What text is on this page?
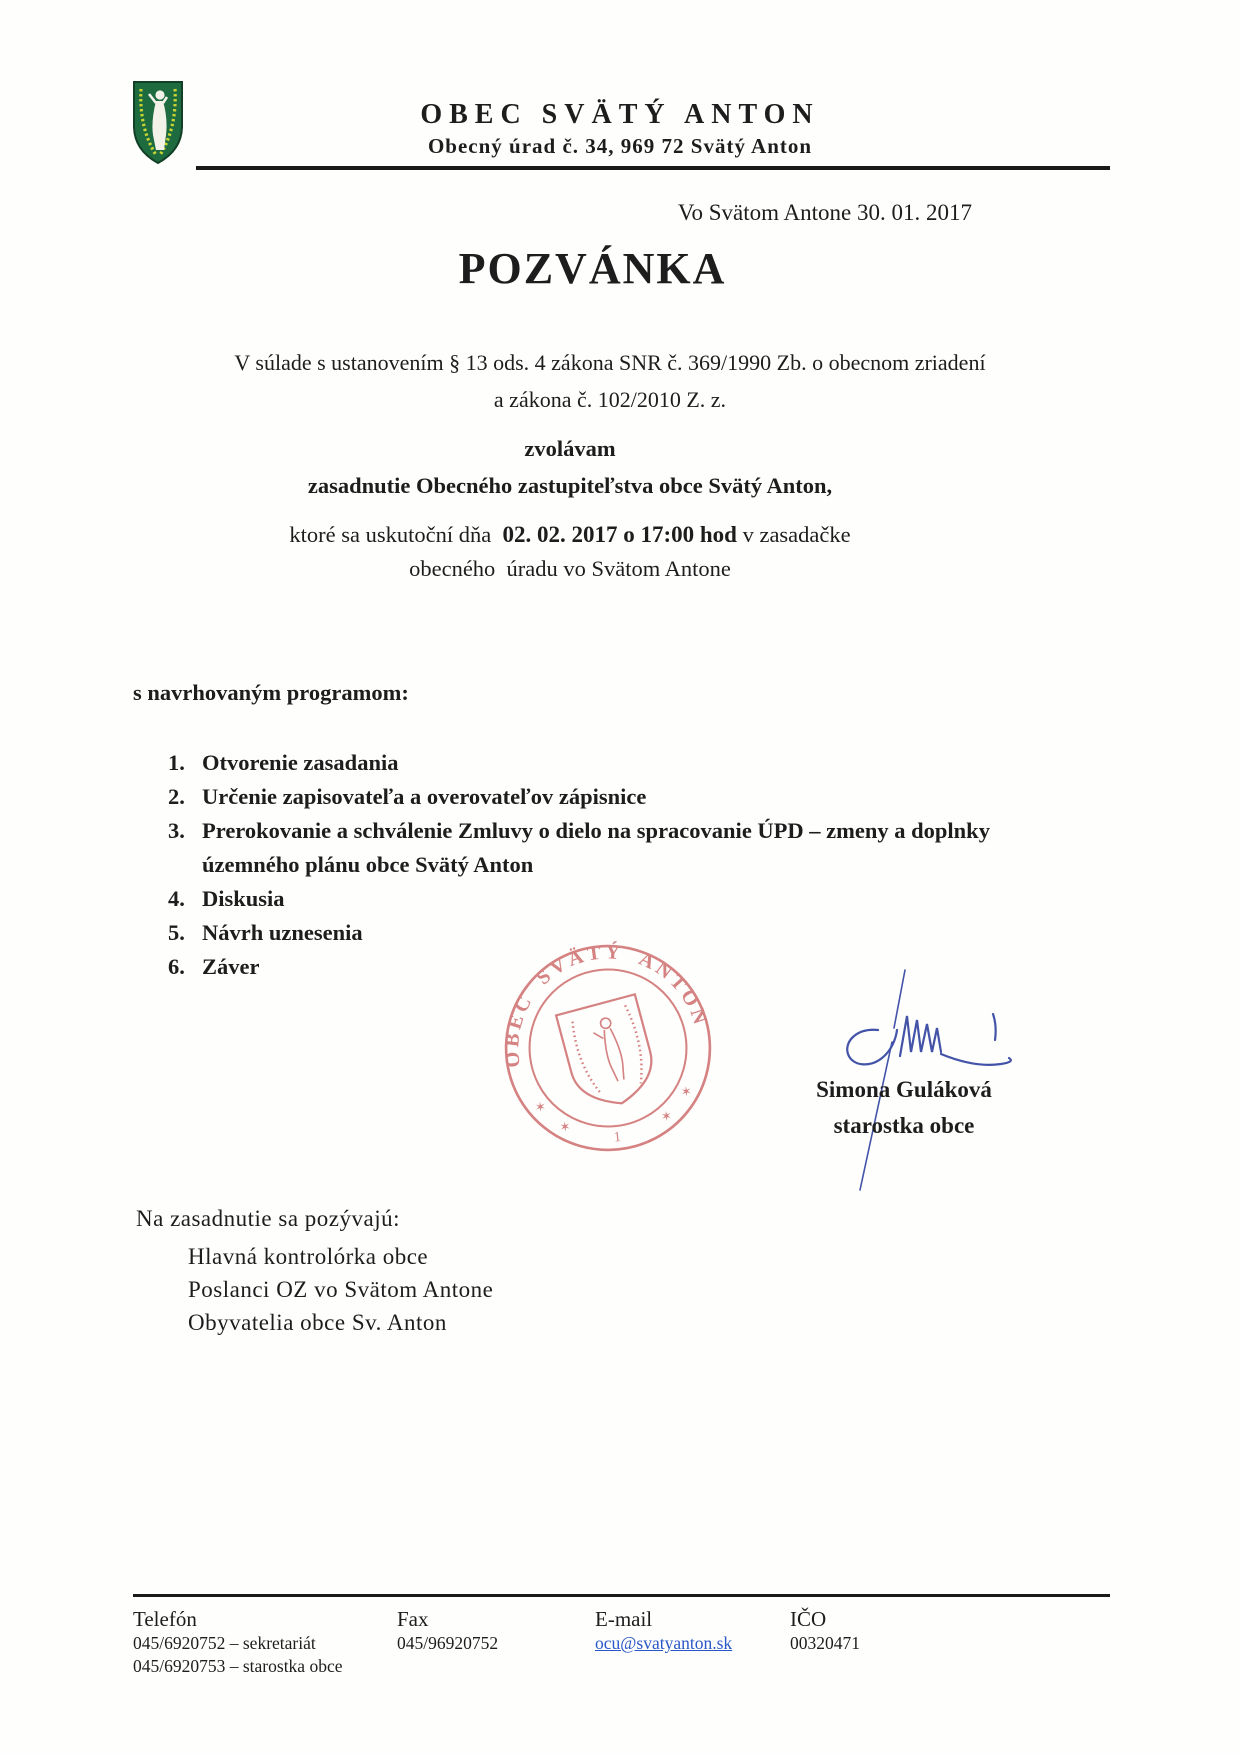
OBEC SVÄTÝ ANTON
Obecný úrad č. 34, 969 72 Svätý Anton
Vo Svätom Antone 30. 01. 2017
POZVÁNKA
V súlade s ustanovením § 13 ods. 4 zákona SNR č. 369/1990 Zb. o obecnom zriadení
a zákona č. 102/2010 Z. z.
zvolávam
zasadnutie Obecného zastupiteľstva obce Svätý Anton,
ktoré sa uskutoční dňa  02. 02. 2017 o 17:00 hod v zasadačke
obecného  úradu vo Svätom Antone
s navrhovaným programom:
1. Otvorenie zasadania
2. Určenie zapisovateľa a overovateľov zápisnice
3. Prerokovanie a schválenie Zmluvy o dielo na spracovanie ÚPD – zmeny a doplnky územného plánu obce Svätý Anton
4. Diskusia
5. Návrh uznesenia
6. Záver
OBEC SVÄTÝ ANTON
✶
✶
1
✶
✶	Simona Guláková
starostka obce
Na zasadnutie sa pozývajú:
Hlavná kontrolórka obce
Poslanci OZ vo Svätom Antone
Obyvatelia obce Sv. Anton
Telefón
045/6920752 – sekretariát
045/6920753 – starostka obce
Fax
045/96920752
E-mail
ocu@svatyanton.sk
IČO
00320471
